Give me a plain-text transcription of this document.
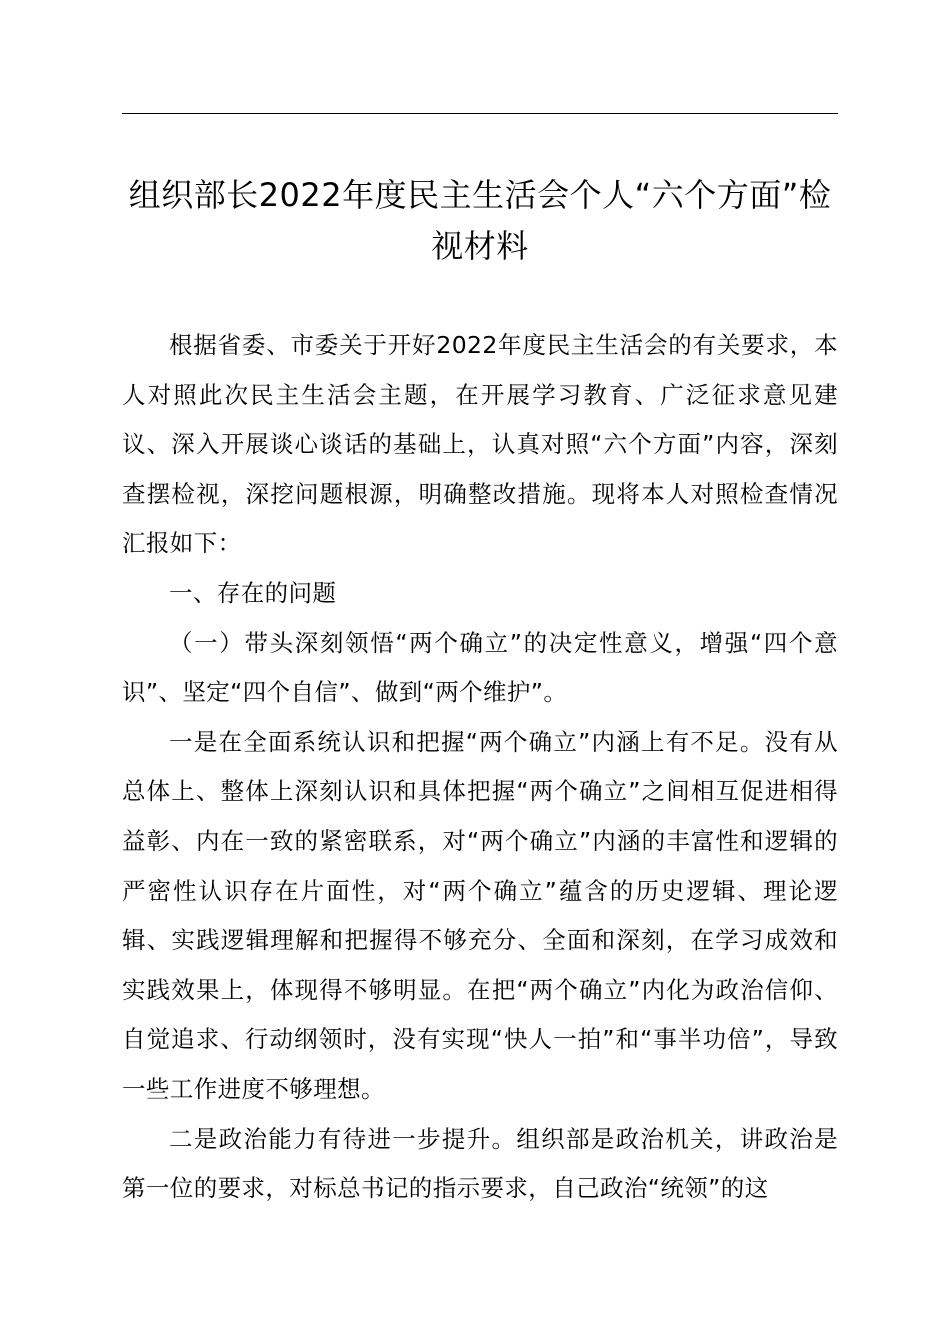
组织部长2022年度民主生活会个人“六个方面”检视材料

根据省委、市委关于开好2022年度民主生活会的有关要求，本人对照此次民主生活会主题，在开展学习教育、广泛征求意见建议、深入开展谈心谈话的基础上，认真对照“六个方面”内容，深刻查摆检视，深挖问题根源，明确整改措施。现将本人对照检查情况汇报如下：

一、存在的问题

（一）带头深刻领悟“两个确立”的决定性意义，增强“四个意识”、坚定“四个自信”、做到“两个维护”。

一是在全面系统认识和把握“两个确立”内涵上有不足。没有从总体上、整体上深刻认识和具体把握“两个确立”之间相互促进相得益彰、内在一致的紧密联系，对“两个确立”内涵的丰富性和逻辑的严密性认识存在片面性，对“两个确立”蕴含的历史逻辑、理论逻辑、实践逻辑理解和把握得不够充分、全面和深刻，在学习成效和实践效果上，体现得不够明显。在把“两个确立”内化为政治信仰、自觉追求、行动纲领时，没有实现“快人一拍”和“事半功倍”，导致一些工作进度不够理想。

二是政治能力有待进一步提升。组织部是政治机关，讲政治是第一位的要求，对标总书记的指示要求，自己政治“统领”的这
